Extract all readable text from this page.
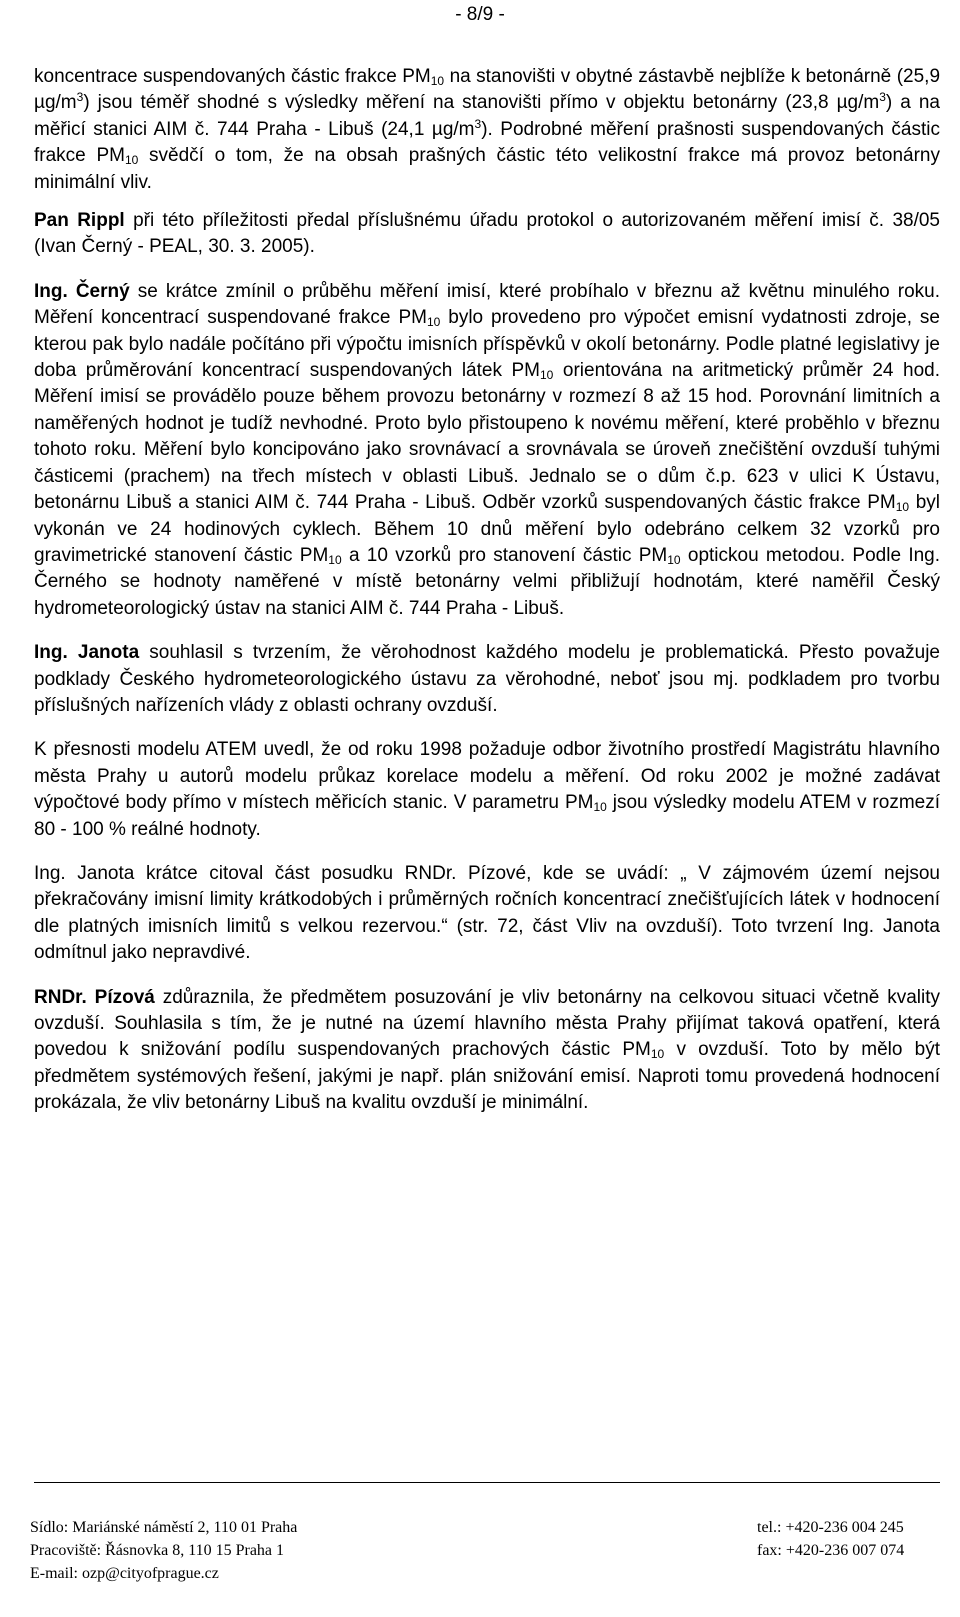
- 8/9 -

koncentrace suspendovaných částic frakce $PM_{10}$ na stanovišti v obytné zástavbě nejblíže k betonárně (25,9 $\mu g/m^3$) jsou téměř shodné s výsledky měření na stanovišti přímo v objektu betonárny (23,8 $\mu g/m^3$) a na měřicí stanici AIM č. 744 Praha - Libuš (24,1 $\mu g/m^3$). Podrobné měření prašnosti suspendovaných částic frakce $PM_{10}$ svědčí o tom, že na obsah prašných částic této velikostní frakce má provoz betonárny minimální vliv.

Pan Rippl při této příležitosti předal příslušnému úřadu protokol o autorizovaném měření imisí č. 38/05 (Ivan Černý - PEAL, 30. 3. 2005).

Ing. Černý se krátce zmínil o průběhu měření imisí, které probíhalo v březnu až květnu minulého roku. Měření koncentrací suspendované frakce $PM_{10}$ bylo provedeno pro výpočet emisní vydatnosti zdroje, se kterou pak bylo nadále počítáno při výpočtu imisních příspěvků v okolí betonárny. Podle platné legislativy je doba průměrování koncentrací suspendovaných látek $PM_{10}$ orientována na aritmetický průměr 24 hod. Měření imisí se provádělo pouze během provozu betonárny v rozmezí 8 až 15 hod. Porovnání limitních a naměřených hodnot je tudíž nevhodné. Proto bylo přistoupeno k novému měření, které proběhlo v březnu tohoto roku. Měření bylo koncipováno jako srovnávací a srovnávala se úroveň znečištění ovzduší tuhými částicemi (prachem) na třech místech v oblasti Libuš. Jednalo se o dům č.p. 623 v ulici K Ústavu, betonárnu Libuš a stanici AIM č. 744 Praha - Libuš. Odběr vzorků suspendovaných částic frakce $PM_{10}$ byl vykonán ve 24 hodinových cyklech. Během 10 dnů měření bylo odebráno celkem 32 vzorků pro gravimetrické stanovení částic $PM_{10}$ a 10 vzorků pro stanovení částic $PM_{10}$ optickou metodou. Podle Ing. Černého se hodnoty naměřené v místě betonárny velmi přibližují hodnotám, které naměřil Český hydrometeorologický ústav na stanici AIM č. 744 Praha - Libuš.

Ing. Janota souhlasil s tvrzením, že věrohodnost každého modelu je problematická. Přesto považuje podklady Českého hydrometeorologického ústavu za věrohodné, neboť jsou mj. podkladem pro tvorbu příslušných nařízeních vlády z oblasti ochrany ovzduší.

K přesnosti modelu ATEM uvedl, že od roku 1998 požaduje odbor životního prostředí Magistrátu hlavního města Prahy u autorů modelu průkaz korelace modelu a měření. Od roku 2002 je možné zadávat výpočtové body přímo v místech měřicích stanic. V parametru $PM_{10}$ jsou výsledky modelu ATEM v rozmezí 80 - 100 % reálné hodnoty.

Ing. Janota krátce citoval část posudku RNDr. Pízové, kde se uvádí: „ V zájmovém území nejsou překračovány imisní limity krátkodobých i průměrných ročních koncentrací znečišťujících látek v hodnocení dle platných imisních limitů s velkou rezervou.“ (str. 72, část Vliv na ovzduší). Toto tvrzení Ing. Janota odmítnul jako nepravdivé.

RNDr. Pízová zdůraznila, že předmětem posuzování je vliv betonárny na celkovou situaci včetně kvality ovzduší. Souhlasila s tím, že je nutné na území hlavního města Prahy přijímat taková opatření, která povedou k snižování podílu suspendovaných prachových částic $PM_{10}$ v ovzduší. Toto by mělo být předmětem systémových řešení, jakými je např. plán snižování emisí. Naproti tomu provedená hodnocení prokázala, že vliv betonárny Libuš na kvalitu ovzduší je minimální.

Sídlo: Mariánské náměstí 2, 110 01 Praha
Pracoviště: Řásnovka 8, 110 15 Praha 1
E-mail: ozp@cityofprague.cz
tel.: +420-236 004 245
fax: +420-236 007 074
